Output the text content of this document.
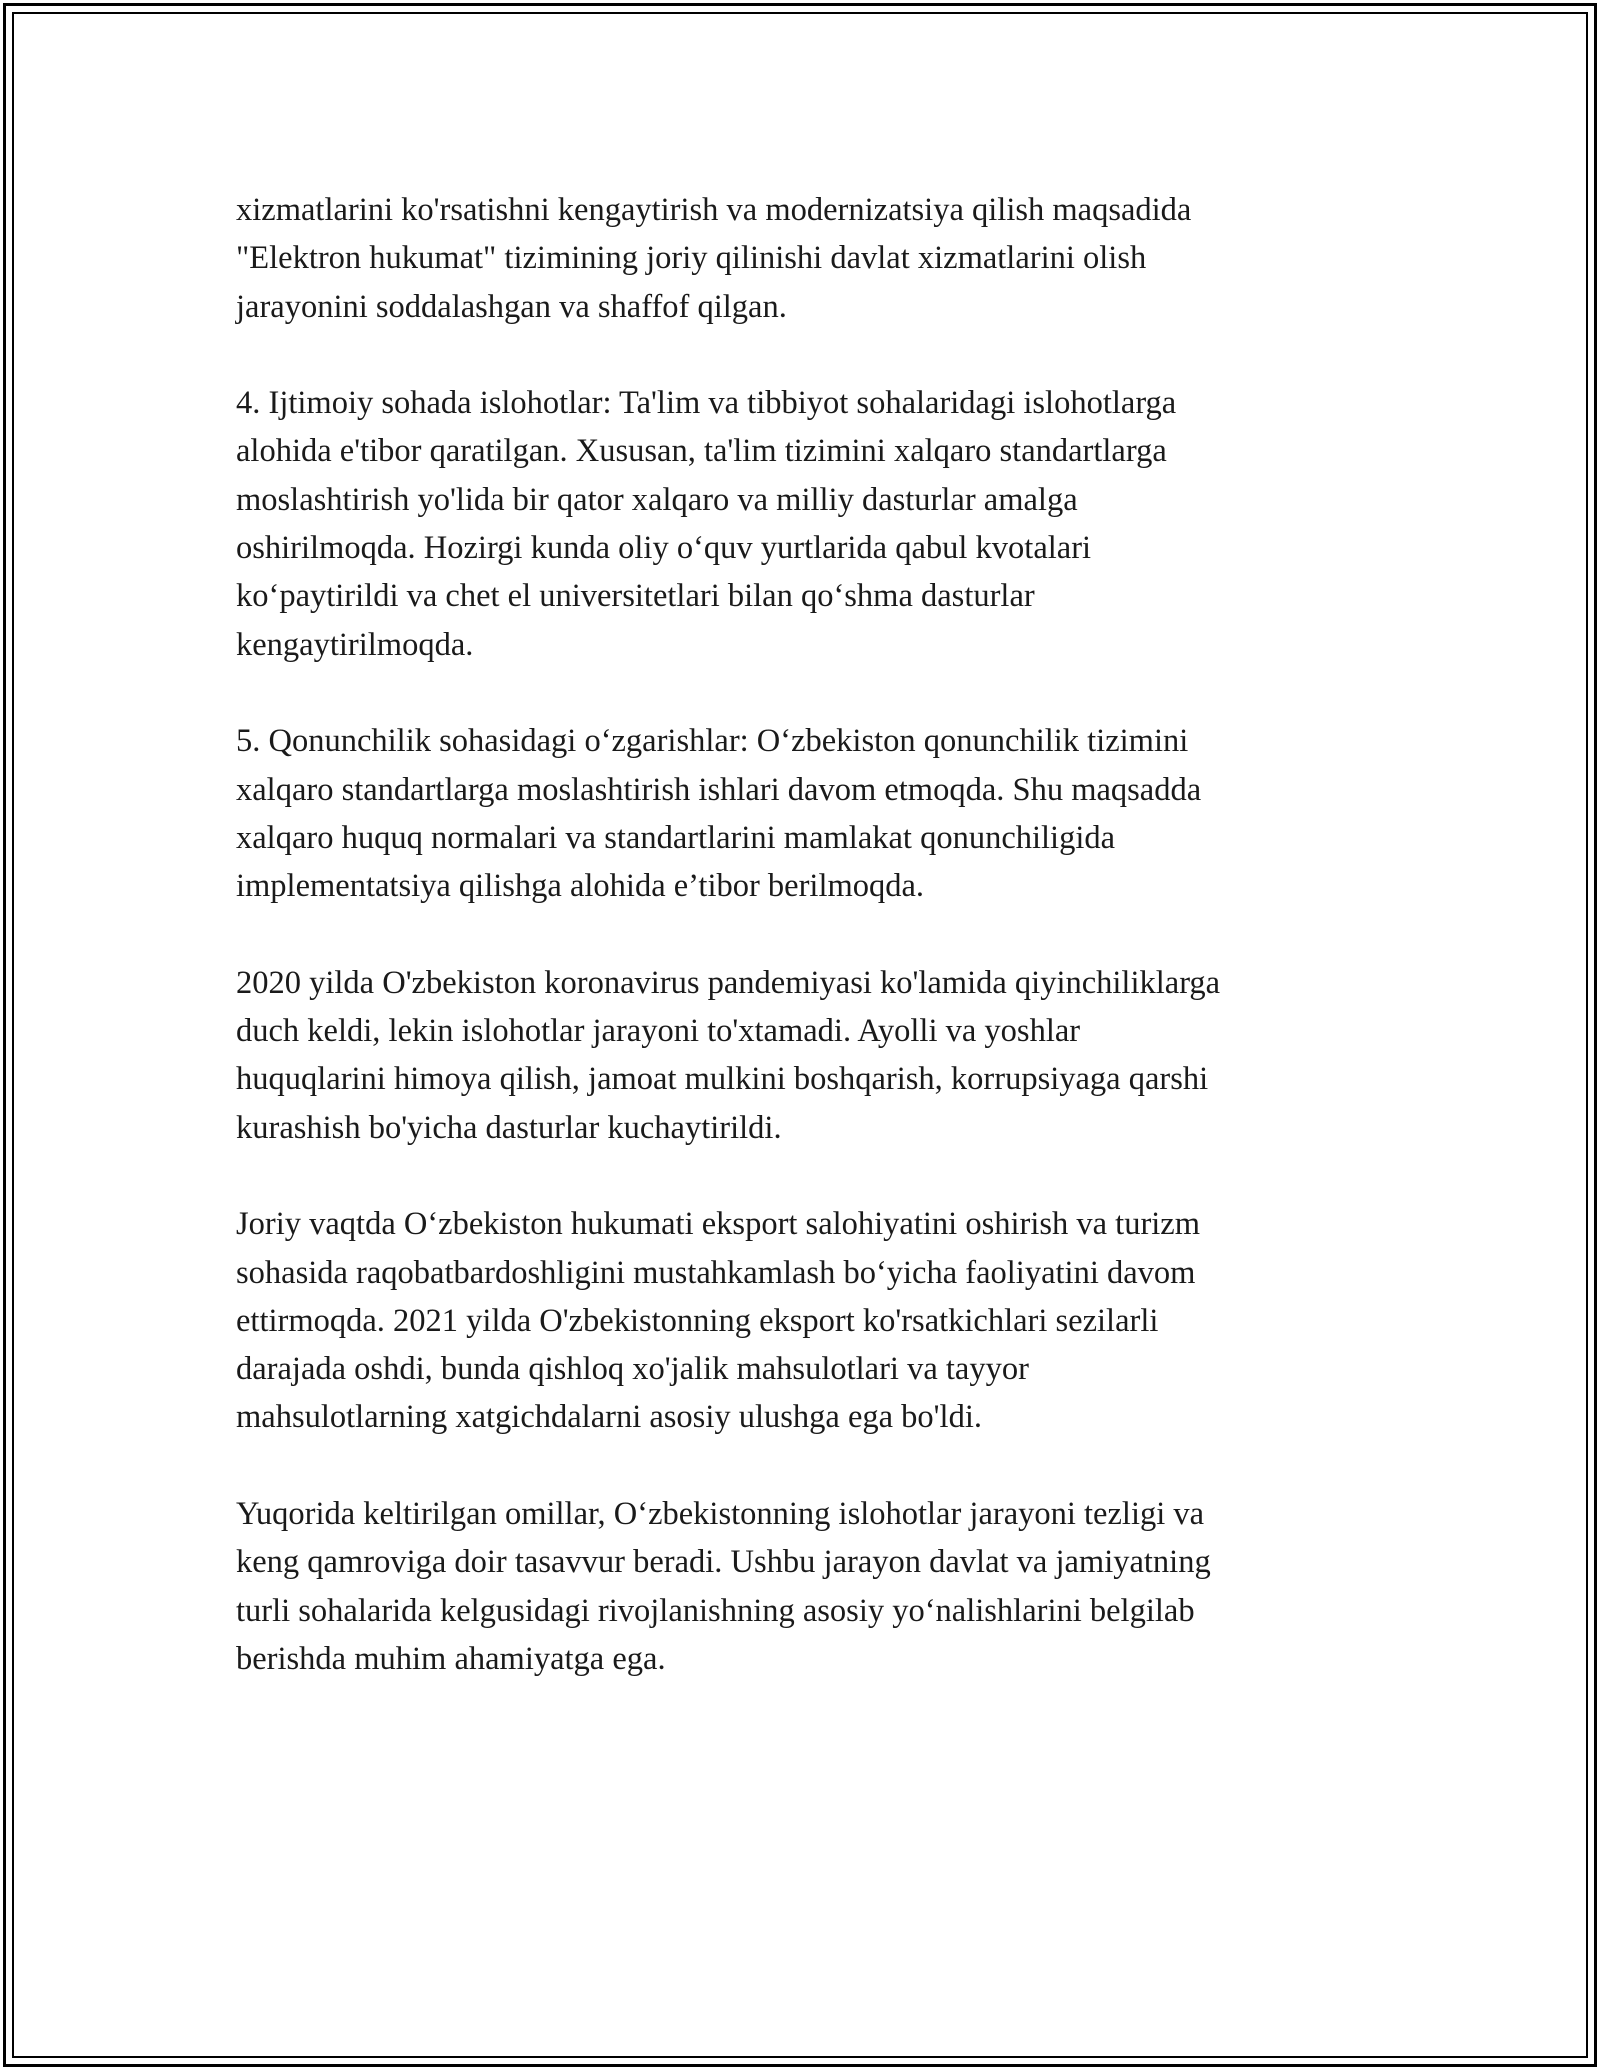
xizmatlarini ko'rsatishni kengaytirish va modernizatsiya qilish maqsadida
"Elektron hukumat" tizimining joriy qilinishi davlat xizmatlarini olish
jarayonini soddalashgan va shaffof qilgan.

4. Ijtimoiy sohada islohotlar: Ta'lim va tibbiyot sohalaridagi islohotlarga
alohida e'tibor qaratilgan. Xususan, ta'lim tizimini xalqaro standartlarga
moslashtirish yo'lida bir qator xalqaro va milliy dasturlar amalga
oshirilmoqda. Hozirgi kunda oliy o‘quv yurtlarida qabul kvotalari
ko‘paytirildi va chet el universitetlari bilan qo‘shma dasturlar
kengaytirilmoqda.

5. Qonunchilik sohasidagi o‘zgarishlar: O‘zbekiston qonunchilik tizimini
xalqaro standartlarga moslashtirish ishlari davom etmoqda. Shu maqsadda
xalqaro huquq normalari va standartlarini mamlakat qonunchiligida
implementatsiya qilishga alohida e’tibor berilmoqda.

2020 yilda O'zbekiston koronavirus pandemiyasi ko'lamida qiyinchiliklarga
duch keldi, lekin islohotlar jarayoni to'xtamadi. Ayolli va yoshlar
huquqlarini himoya qilish, jamoat mulkini boshqarish, korrupsiyaga qarshi
kurashish bo'yicha dasturlar kuchaytirildi.

Joriy vaqtda O‘zbekiston hukumati eksport salohiyatini oshirish va turizm
sohasida raqobatbardoshligini mustahkamlash bo‘yicha faoliyatini davom
ettirmoqda. 2021 yilda O'zbekistonning eksport ko'rsatkichlari sezilarli
darajada oshdi, bunda qishloq xo'jalik mahsulotlari va tayyor
mahsulotlarning xatgichdalarni asosiy ulushga ega bo'ldi.

Yuqorida keltirilgan omillar, O‘zbekistonning islohotlar jarayoni tezligi va
keng qamroviga doir tasavvur beradi. Ushbu jarayon davlat va jamiyatning
turli sohalarida kelgusidagi rivojlanishning asosiy yo‘nalishlarini belgilab
berishda muhim ahamiyatga ega.
